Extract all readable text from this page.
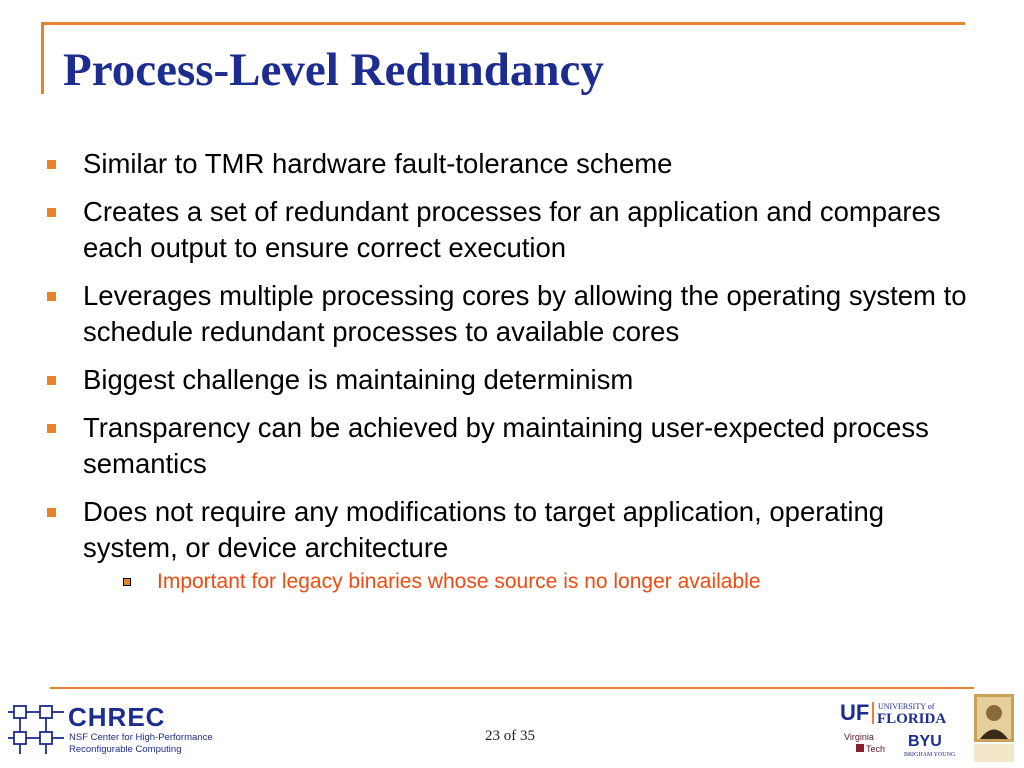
Process-Level Redundancy
Similar to TMR hardware fault-tolerance scheme
Creates a set of redundant processes for an application and compares each output to ensure correct execution
Leverages multiple processing cores by allowing the operating system to schedule redundant processes to available cores
Biggest challenge is maintaining determinism
Transparency can be achieved by maintaining user-expected process semantics
Does not require any modifications to target application, operating system, or device architecture
Important for legacy binaries whose source is no longer available
CHREC
NSF Center for High-Performance
Reconfigurable Computing
23 of 35
UF UNIVERSITY of
FLORIDA
Virginia
Tech BYU
BRIGHAM YOUNG
